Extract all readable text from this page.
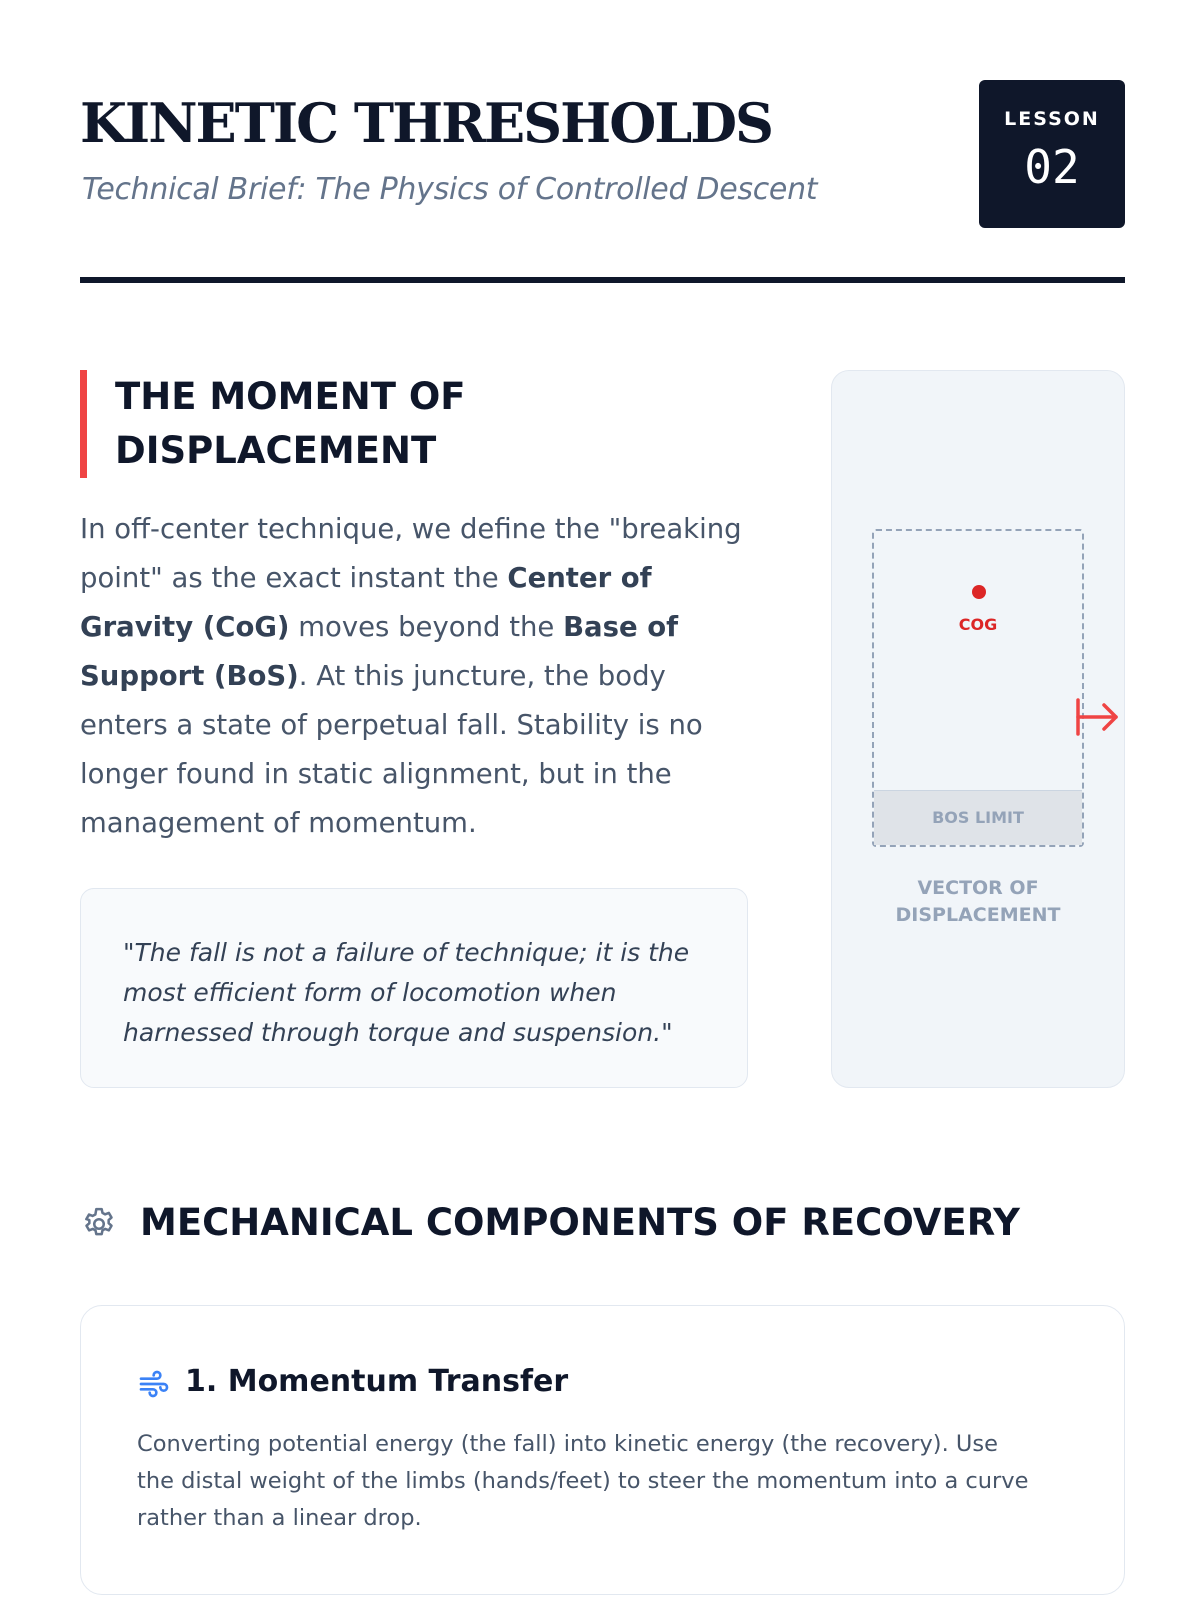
KINETIC THRESHOLDS
Technical Brief: The Physics of Controlled Descent
LESSON
02
THE MOMENT OF DISPLACEMENT

In off-center technique, we define the "breaking point" as the exact instant the Center of Gravity (CoG) moves beyond the Base of Support (BoS). At this juncture, the body enters a state of perpetual fall. Stability is no longer found in static alignment, but in the management of momentum.

"The fall is not a failure of technique; it is the most efficient form of locomotion when harnessed through torque and suspension."

COG
BOS LIMIT
VECTOR OF DISPLACEMENT
MECHANICAL COMPONENTS OF RECOVERY
1. Momentum Transfer

Converting potential energy (the fall) into kinetic energy (the recovery). Use the distal weight of the limbs (hands/feet) to steer the momentum into a curve rather than a linear drop.
